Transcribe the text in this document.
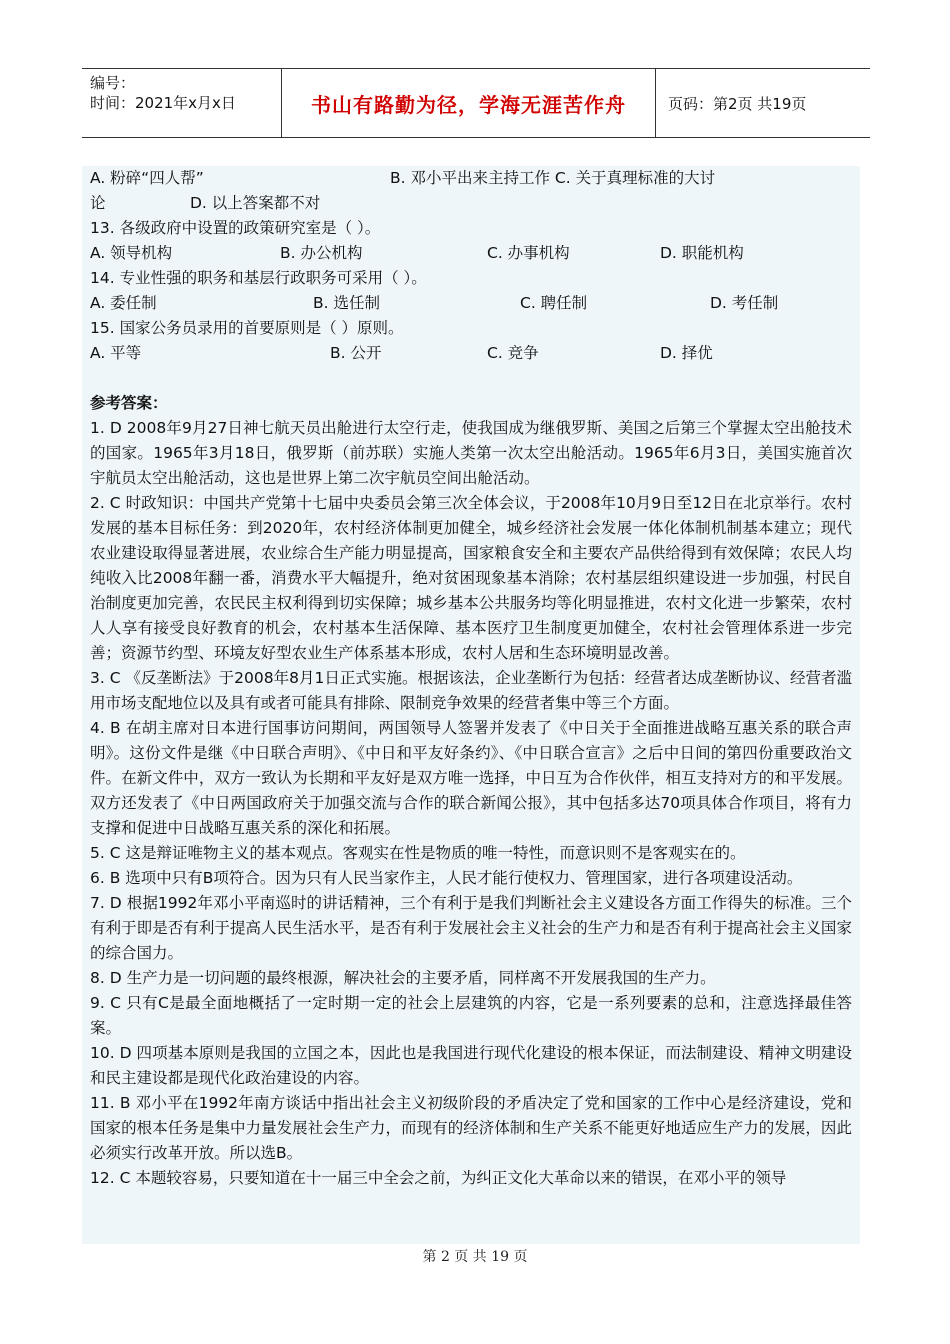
编号：
时间：2021年x月x日	书山有路勤为径，学海无涯苦作舟	页码：第2页 共19页
A. 粉碎“四人帮”	B. 邓小平出来主持工作 C. 关于真理标准的大讨
论	D. 以上答案都不对
13. 各级政府中设置的政策研究室是（ ）。
A. 领导机构	B. 办公机构	C. 办事机构	D. 职能机构
14. 专业性强的职务和基层行政职务可采用（ ）。
A. 委任制	B. 选任制	C. 聘任制	D. 考任制
15. 国家公务员录用的首要原则是（ ）原则。
A. 平等	B. 公开	C. 竞争	D. 择优
参考答案：
1. D 2008年9月27日神七航天员出舱进行太空行走，使我国成为继俄罗斯、美国之后第三个掌握太空出舱技术的国家。1965年3月18日，俄罗斯（前苏联）实施人类第一次太空出舱活动。1965年6月3日，美国实施首次宇航员太空出舱活动，这也是世界上第二次宇航员空间出舱活动。
2. C 时政知识：中国共产党第十七届中央委员会第三次全体会议，于2008年10月9日至12日在北京举行。农村发展的基本目标任务：到2020年，农村经济体制更加健全，城乡经济社会发展一体化体制机制基本建立；现代农业建设取得显著进展，农业综合生产能力明显提高，国家粮食安全和主要农产品供给得到有效保障；农民人均纯收入比2008年翻一番，消费水平大幅提升，绝对贫困现象基本消除；农村基层组织建设进一步加强，村民自治制度更加完善，农民民主权利得到切实保障；城乡基本公共服务均等化明显推进，农村文化进一步繁荣，农村人人享有接受良好教育的机会，农村基本生活保障、基本医疗卫生制度更加健全，农村社会管理体系进一步完善；资源节约型、环境友好型农业生产体系基本形成，农村人居和生态环境明显改善。
3. C 《反垄断法》于2008年8月1日正式实施。根据该法，企业垄断行为包括：经营者达成垄断协议、经营者滥用市场支配地位以及具有或者可能具有排除、限制竞争效果的经营者集中等三个方面。
4. B 在胡主席对日本进行国事访问期间，两国领导人签署并发表了《中日关于全面推进战略互惠关系的联合声明》。这份文件是继《中日联合声明》、《中日和平友好条约》、《中日联合宣言》之后中日间的第四份重要政治文件。在新文件中，双方一致认为长期和平友好是双方唯一选择，中日互为合作伙伴，相互支持对方的和平发展。双方还发表了《中日两国政府关于加强交流与合作的联合新闻公报》，其中包括多达70项具体合作项目，将有力支撑和促进中日战略互惠关系的深化和拓展。
5. C 这是辩证唯物主义的基本观点。客观实在性是物质的唯一特性，而意识则不是客观实在的。
6. B 选项中只有B项符合。因为只有人民当家作主，人民才能行使权力、管理国家，进行各项建设活动。
7. D 根据1992年邓小平南巡时的讲话精神，三个有利于是我们判断社会主义建设各方面工作得失的标准。三个有利于即是否有利于提高人民生活水平，是否有利于发展社会主义社会的生产力和是否有利于提高社会主义国家的综合国力。
8. D 生产力是一切问题的最终根源，解决社会的主要矛盾，同样离不开发展我国的生产力。
9. C 只有C是最全面地概括了一定时期一定的社会上层建筑的内容，它是一系列要素的总和，注意选择最佳答案。
10. D 四项基本原则是我国的立国之本，因此也是我国进行现代化建设的根本保证，而法制建设、精神文明建设和民主建设都是现代化政治建设的内容。
11. B 邓小平在1992年南方谈话中指出社会主义初级阶段的矛盾决定了党和国家的工作中心是经济建设，党和国家的根本任务是集中力量发展社会生产力，而现有的经济体制和生产关系不能更好地适应生产力的发展，因此必须实行改革开放。所以选B。
12. C 本题较容易，只要知道在十一届三中全会之前，为纠正文化大革命以来的错误，在邓小平的领导
第 2 页 共 19 页
